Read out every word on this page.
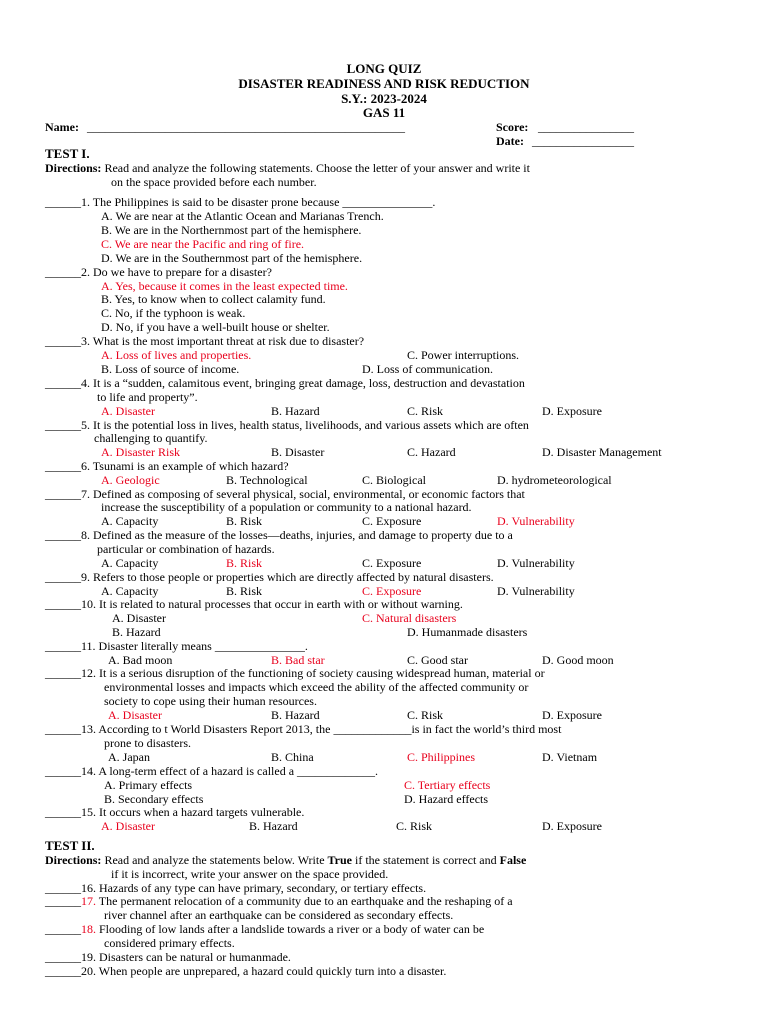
LONG QUIZ
DISASTER READINESS AND RISK REDUCTION
S.Y.: 2023-2024
GAS 11
Name: _____________________________________________________	Score: ________________
Date: _________________
TEST I.
Directions: Read and analyze the following statements. Choose the letter of your answer and write it
on the space provided before each number.
______1. The Philippines is said to be disaster prone because _______________.
A. We are near at the Atlantic Ocean and Marianas Trench.
B. We are in the Northernmost part of the hemisphere.
C. We are near the Pacific and ring of fire.
D. We are in the Southernmost part of the hemisphere.
______2. Do we have to prepare for a disaster?
A. Yes, because it comes in the least expected time.
B. Yes, to know when to collect calamity fund.
C. No, if the typhoon is weak.
D. No, if you have a well-built house or shelter.
______3. What is the most important threat at risk due to disaster?
A. Loss of lives and properties.	C. Power interruptions.
B. Loss of source of income.	D. Loss of communication.
______4. It is a “sudden, calamitous event, bringing great damage, loss, destruction and devastation
to life and property”.
A. Disaster	B. Hazard	C. Risk	D. Exposure
______5. It is the potential loss in lives, health status, livelihoods, and various assets which are often
challenging to quantify.
A. Disaster Risk	B. Disaster	C. Hazard	D. Disaster Management
______6. Tsunami is an example of which hazard?
A. Geologic	B. Technological	C. Biological	D. hydrometeorological
______7. Defined as composing of several physical, social, environmental, or economic factors that
increase the susceptibility of a population or community to a national hazard.
A. Capacity	B. Risk	C. Exposure	D. Vulnerability
______8. Defined as the measure of the losses—deaths, injuries, and damage to property due to a
particular or combination of hazards.
A. Capacity	B. Risk	C. Exposure	D. Vulnerability
______9. Refers to those people or properties which are directly affected by natural disasters.
A. Capacity	B. Risk	C. Exposure	D. Vulnerability
______10. It is related to natural processes that occur in earth with or without warning.
A. Disaster	C. Natural disasters
B. Hazard	D. Humanmade disasters
______11. Disaster literally means _______________.
A. Bad moon	B. Bad star	C. Good star	D. Good moon
______12. It is a serious disruption of the functioning of society causing widespread human, material or
environmental losses and impacts which exceed the ability of the affected community or
society to cope using their human resources.
A. Disaster	B. Hazard	C. Risk	D. Exposure
______13. According to t World Disasters Report 2013, the _____________is in fact the world’s third most
prone to disasters.
A. Japan	B. China	C. Philippines	D. Vietnam
______14. A long-term effect of a hazard is called a _____________.
A. Primary effects	C. Tertiary effects
B. Secondary effects	D. Hazard effects
______15. It occurs when a hazard targets vulnerable.
A. Disaster	B. Hazard	C. Risk	D. Exposure
TEST II.
Directions: Read and analyze the statements below. Write True if the statement is correct and False
if it is incorrect, write your answer on the space provided.
______16. Hazards of any type can have primary, secondary, or tertiary effects.
______17. The permanent relocation of a community due to an earthquake and the reshaping of a
river channel after an earthquake can be considered as secondary effects.
______18. Flooding of low lands after a landslide towards a river or a body of water can be
considered primary effects.
______19. Disasters can be natural or humanmade.
______20. When people are unprepared, a hazard could quickly turn into a disaster.
